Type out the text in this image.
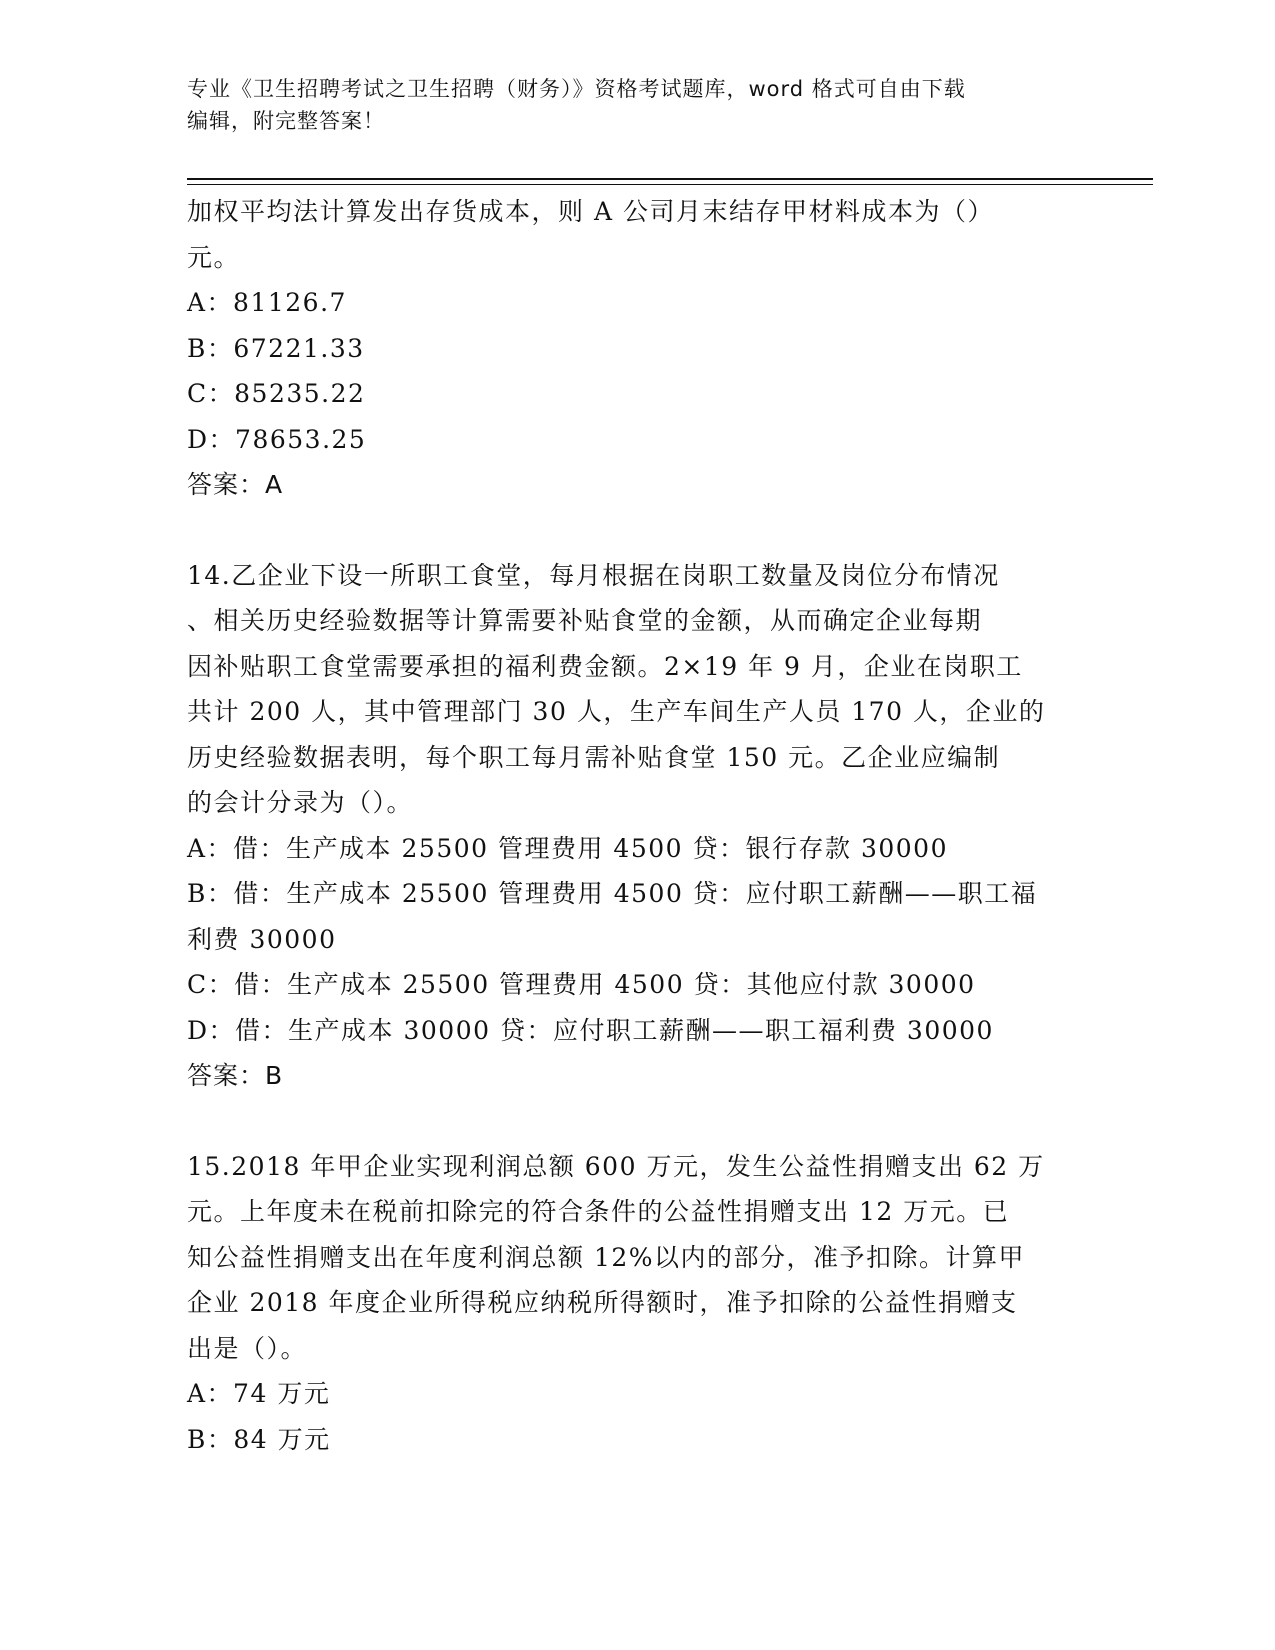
专业《卫生招聘考试之卫生招聘（财务）》资格考试题库，word 格式可自由下载
编辑，附完整答案！
加权平均法计算发出存货成本，则 A 公司月末结存甲材料成本为（）
元。
A：81126.7
B：67221.33
C：85235.22
D：78653.25
答案：A
14.乙企业下设一所职工食堂，每月根据在岗职工数量及岗位分布情况
、相关历史经验数据等计算需要补贴食堂的金额，从而确定企业每期
因补贴职工食堂需要承担的福利费金额。2×19 年 9 月，企业在岗职工
共计 200 人，其中管理部门 30 人，生产车间生产人员 170 人，企业的
历史经验数据表明，每个职工每月需补贴食堂 150 元。乙企业应编制
的会计分录为（）。
A：借：生产成本 25500 管理费用 4500 贷：银行存款 30000
B：借：生产成本 25500 管理费用 4500 贷：应付职工薪酬——职工福
利费 30000
C：借：生产成本 25500 管理费用 4500 贷：其他应付款 30000
D：借：生产成本 30000 贷：应付职工薪酬——职工福利费 30000
答案：B
15.2018 年甲企业实现利润总额 600 万元，发生公益性捐赠支出 62 万
元。上年度未在税前扣除完的符合条件的公益性捐赠支出 12 万元。已
知公益性捐赠支出在年度利润总额 12%以内的部分，准予扣除。计算甲
企业 2018 年度企业所得税应纳税所得额时，准予扣除的公益性捐赠支
出是（）。
A：74 万元
B：84 万元
